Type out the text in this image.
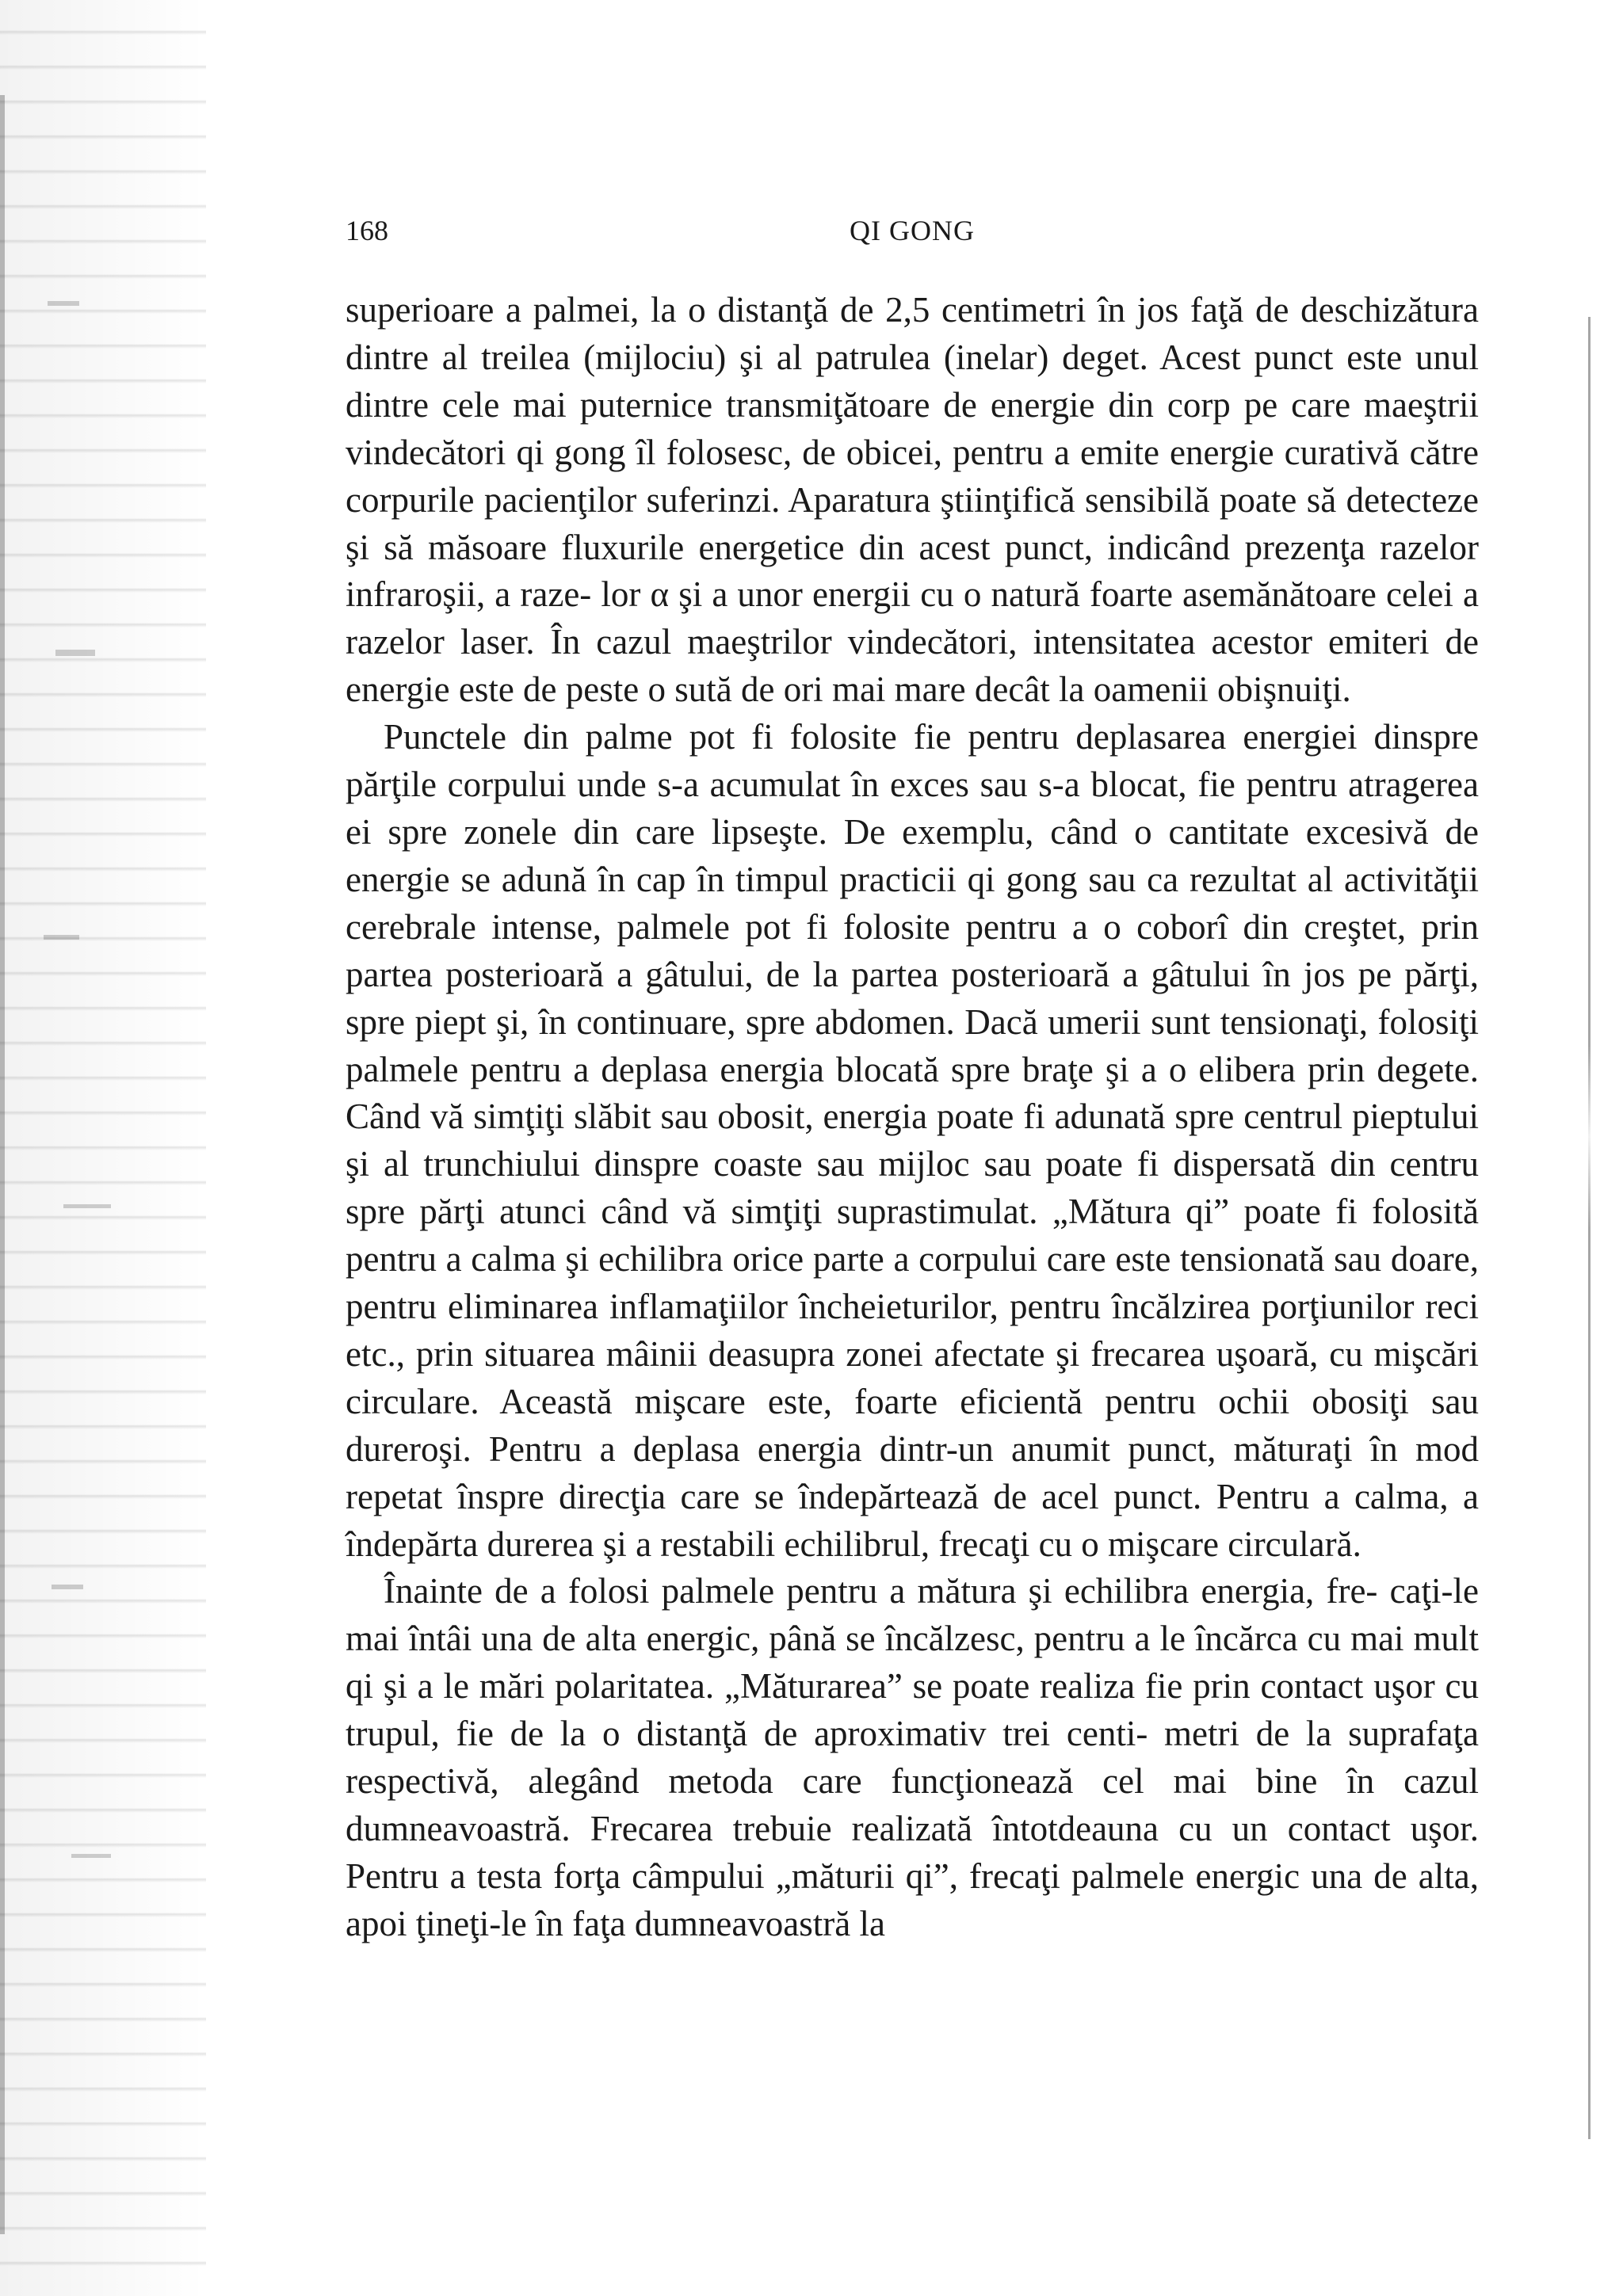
168	QI GONG

superioare a palmei, la o distanţă de 2,5 centimetri în jos faţă de deschizătura dintre al treilea (mijlociu) şi al patrulea (inelar) deget. Acest punct este unul dintre cele mai puternice transmiţătoare de energie din corp pe care maeştrii vindecători qi gong îl folosesc, de obicei, pentru a emite energie curativă către corpurile pacienţilor suferinzi. Aparatura ştiinţifică sensibilă poate să detecteze şi să măsoare fluxurile energetice din acest punct, indicând prezenţa razelor infraroşii, a raze- lor α şi a unor energii cu o natură foarte asemănătoare celei a razelor laser. În cazul maeştrilor vindecători, intensitatea acestor emiteri de energie este de peste o sută de ori mai mare decât la oamenii obişnuiţi.

Punctele din palme pot fi folosite fie pentru deplasarea energiei dinspre părţile corpului unde s-a acumulat în exces sau s-a blocat, fie pentru atragerea ei spre zonele din care lipseşte. De exemplu, când o cantitate excesivă de energie se adună în cap în timpul practicii qi gong sau ca rezultat al activităţii cerebrale intense, palmele pot fi folosite pentru a o coborî din creştet, prin partea posterioară a gâtului, de la partea posterioară a gâtului în jos pe părţi, spre piept şi, în continuare, spre abdomen. Dacă umerii sunt tensionaţi, folosiţi palmele pentru a deplasa energia blocată spre braţe şi a o elibera prin degete. Când vă simţiţi slăbit sau obosit, energia poate fi adunată spre centrul pieptului şi al trunchiului dinspre coaste sau mijloc sau poate fi dispersată din centru spre părţi atunci când vă simţiţi suprastimulat. „Mătura qi” poate fi folosită pentru a calma şi echilibra orice parte a corpului care este tensionată sau doare, pentru eliminarea inflamaţiilor încheieturilor, pentru încălzirea porţiunilor reci etc., prin situarea mâinii deasupra zonei afectate şi frecarea uşoară, cu mişcări circulare. Această mişcare este, foarte eficientă pentru ochii obosiţi sau dureroşi. Pentru a deplasa energia dintr-un anumit punct, măturaţi în mod repetat înspre direcţia care se îndepărtează de acel punct. Pentru a calma, a îndepărta durerea şi a restabili echilibrul, frecaţi cu o mişcare circulară.

Înainte de a folosi palmele pentru a mătura şi echilibra energia, fre- caţi-le mai întâi una de alta energic, până se încălzesc, pentru a le încărca cu mai mult qi şi a le mări polaritatea. „Măturarea” se poate realiza fie prin contact uşor cu trupul, fie de la o distanţă de aproximativ trei centi- metri de la suprafaţa respectivă, alegând metoda care funcţionează cel mai bine în cazul dumneavoastră. Frecarea trebuie realizată întotdeauna cu un contact uşor. Pentru a testa forţa câmpului „măturii qi”, frecaţi palmele energic una de alta, apoi ţineţi-le în faţa dumneavoastră la
